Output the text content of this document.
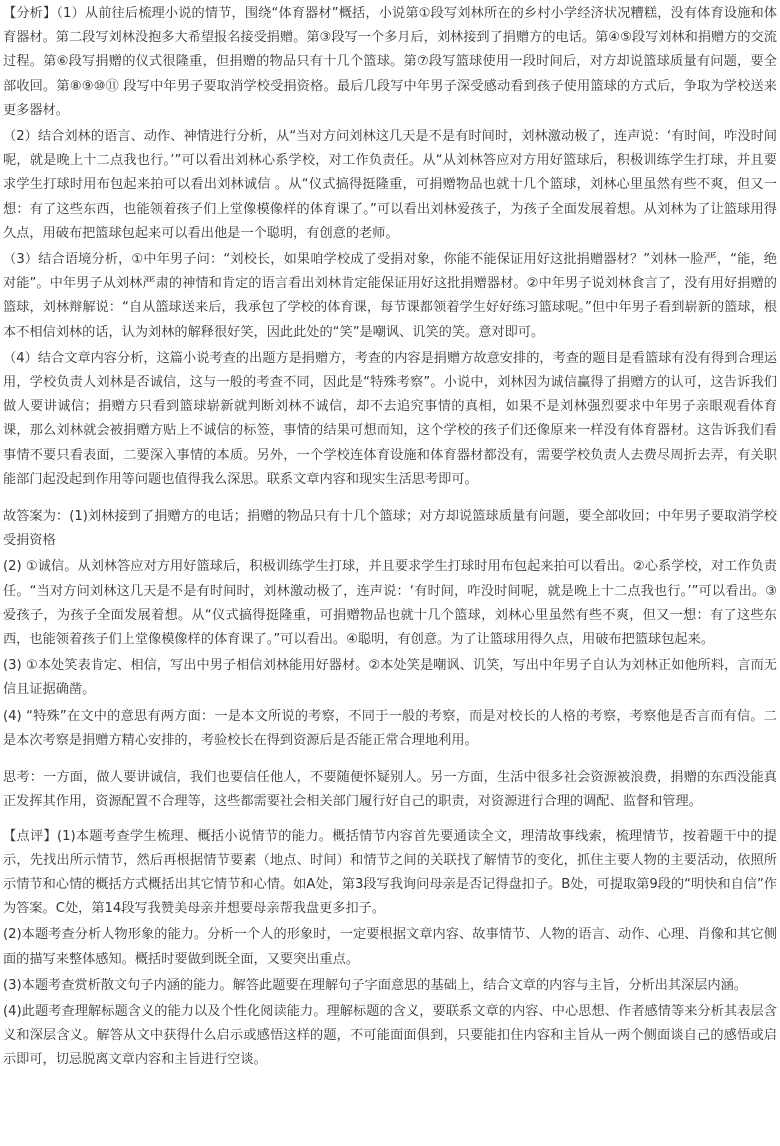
【分析】（1）从前往后梳理小说的情节，围绕“体育器材”概括，小说第①段写刘林所在的乡村小学经济状况糟糕，没有体育设施和体育器材。第二段写刘林没抱多大希望报名接受捐赠。第③段写一个多月后，刘林接到了捐赠方的电话。第④⑤段写刘林和捐赠方的交流过程。第⑥段写捐赠的仪式很隆重，但捐赠的物品只有十几个篮球。第⑦段写篮球使用一段时间后，对方却说篮球质量有问题，要全部收回。第⑧⑨⑩⑪ 段写中年男子要取消学校受捐资格。最后几段写中年男子深受感动看到孩子使用篮球的方式后，争取为学校送来更多器材。

（2）结合刘林的语言、动作、神情进行分析，从“当对方问刘林这几天是不是有时间时，刘林激动极了，连声说：‘有时间，咋没时间呢，就是晚上十二点我也行。’”可以看出刘林心系学校，对工作负责任。从“从刘林答应对方用好篮球后，积极训练学生打球，并且要求学生打球时用布包起来拍可以看出刘林诚信 。从“仪式搞得挺隆重，可捐赠物品也就十几个篮球，刘林心里虽然有些不爽，但又一想：有了这些东西，也能领着孩子们上堂像模像样的体育课了。”可以看出刘林爱孩子，为孩子全面发展着想。从刘林为了让篮球用得久点，用破布把篮球包起来可以看出他是一个聪明，有创意的老师。

（3）结合语境分析，①中年男子问：“刘校长，如果咱学校成了受捐对象，你能不能保证用好这批捐赠器材？”刘林一脸严，“能，绝对能”。中年男子从刘林严肃的神情和肯定的语言看出刘林肯定能保证用好这批捐赠器材。②中年男子说刘林食言了，没有用好捐赠的篮球，刘林辩解说：“自从篮球送来后，我承包了学校的体育课，每节课都领着学生好好练习篮球呢。”但中年男子看到崭新的篮球，根本不相信刘林的话，认为刘林的解释很好笑，因此此处的“笑”是嘲讽、讥笑的笑。意对即可。

（4）结合文章内容分析，这篇小说考查的出题方是捐赠方，考查的内容是捐赠方故意安排的，考查的题目是看篮球有没有得到合理运用，学校负责人刘林是否诚信，这与一般的考查不同，因此是“特殊考察”。小说中，刘林因为诚信赢得了捐赠方的认可，这告诉我们做人要讲诚信；捐赠方只看到篮球崭新就判断刘林不诚信，却不去追究事情的真相，如果不是刘林强烈要求中年男子亲眼观看体育课，那么刘林就会被捐赠方贴上不诚信的标签，事情的结果可想而知，这个学校的孩子们还像原来一样没有体育器材。这告诉我们看事情不要只看表面，二要深入事情的本质。另外，一个学校连体育设施和体育器材都没有，需要学校负责人去费尽周折去弄，有关职能部门起没起到作用等问题也值得我么深思。联系文章内容和现实生活思考即可。

故答案为：(1)刘林接到了捐赠方的电话；捐赠的物品只有十几个篮球；对方却说篮球质量有问题，要全部收回；中年男子要取消学校受捐资格

(2) ①诚信。从刘林答应对方用好篮球后，积极训练学生打球，并且要求学生打球时用布包起来拍可以看出。②心系学校，对工作负责任。“当对方问刘林这几天是不是有时间时，刘林激动极了，连声说：‘有时间，咋没时间呢，就是晚上十二点我也行。’”可以看出。③爱孩子，为孩子全面发展着想。从“仪式搞得挺隆重，可捐赠物品也就十几个篮球，刘林心里虽然有些不爽，但又一想：有了这些东西，也能领着孩子们上堂像模像样的体育课了。”可以看出。④聪明，有创意。为了让篮球用得久点，用破布把篮球包起来。

(3) ①本处笑表肯定、相信，写出中男子相信刘林能用好器材。②本处笑是嘲讽、讥笑，写出中年男子自认为刘林正如他所料，言而无信且证据确凿。

(4) “特殊”在文中的意思有两方面：一是本文所说的考察，不同于一般的考察，而是对校长的人格的考察，考察他是否言而有信。二是本次考察是捐赠方精心安排的，考验校长在得到资源后是否能正常合理地利用。

思考：一方面，做人要讲诚信，我们也要信任他人，不要随便怀疑别人。另一方面，生活中很多社会资源被浪费，捐赠的东西没能真正发挥其作用，资源配置不合理等，这些都需要社会相关部门履行好自己的职责，对资源进行合理的调配、监督和管理。

【点评】(1)本题考查学生梳理、概括小说情节的能力。概括情节内容首先要通读全文，理清故事线索，梳理情节，按着题干中的提示，先找出所示情节，然后再根据情节要素（地点、时间）和情节之间的关联找了解情节的变化，抓住主要人物的主要活动，依照所示情节和心情的概括方式概括出其它情节和心情。如A处，第3段写我询问母亲是否记得盘扣子。B处，可提取第9段的“明快和自信”作为答案。C处，第14段写我赞美母亲并想要母亲帮我盘更多扣子。

(2)本题考查分析人物形象的能力。分析一个人的形象时，一定要根据文章内容、故事情节、人物的语言、动作、心理、肖像和其它侧面的描写来整体感知。概括时要做到既全面，又要突出重点。

(3)本题考查赏析散文句子内涵的能力。解答此题要在理解句子字面意思的基础上，结合文章的内容与主旨，分析出其深层内涵。

(4)此题考查理解标题含义的能力以及个性化阅读能力。理解标题的含义，要联系文章的内容、中心思想、作者感情等来分析其表层含义和深层含义。解答从文中获得什么启示或感悟这样的题，不可能面面俱到，只要能扣住内容和主旨从一两个侧面谈自己的感悟或启示即可，切忌脱离文章内容和主旨进行空谈。
